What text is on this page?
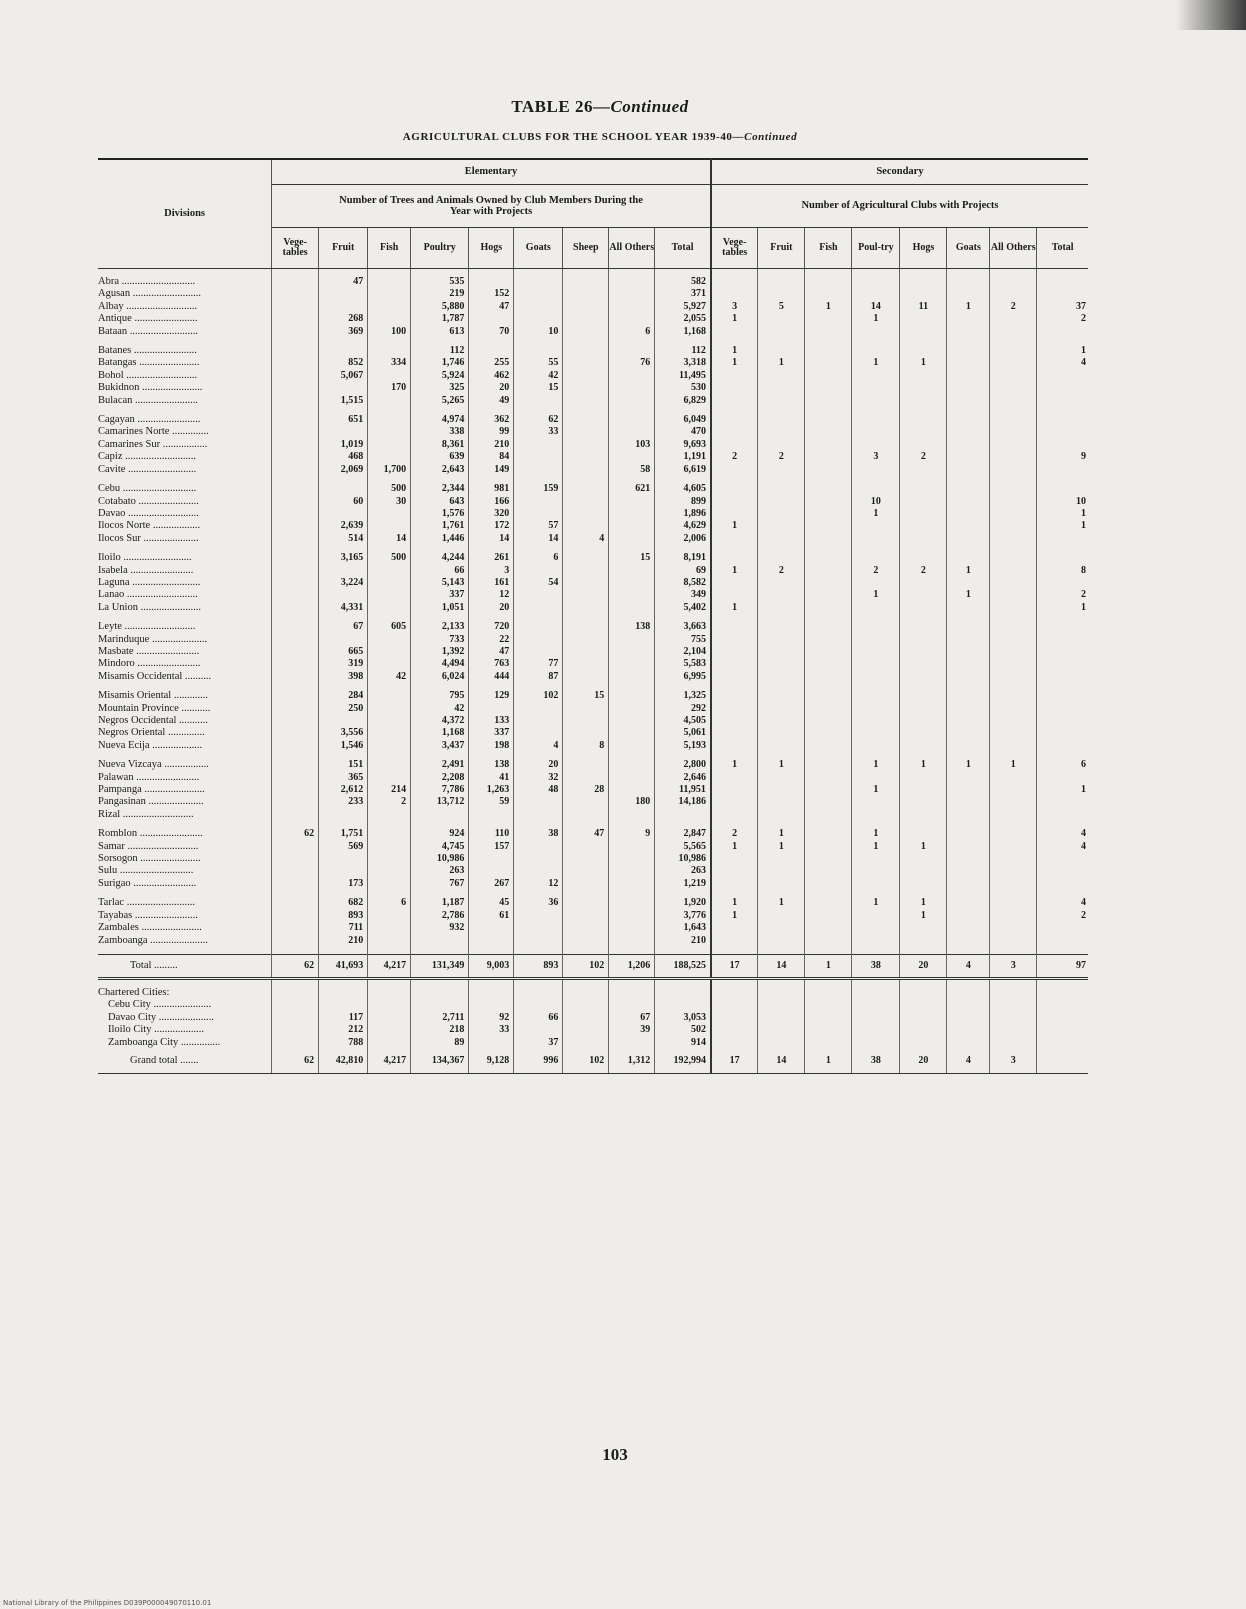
TABLE 26—Continued
AGRICULTURAL CLUBS FOR THE SCHOOL YEAR 1939-40—Continued
Divisions	Elementary									Secondary							
	Number of Trees and Animals Owned by Club Members During the Year with Projects									Number of Agricultural Clubs with Projects							
	Vege-tables	Fruit	Fish	Poultry	Hogs	Goats	Sheep	All Others	Total	Vege-tables	Fruit	Fish	Poul-try	Hogs	Goats	All Others	Total

Abra ............................		47		535					582								
Agusan ..........................				219	152				371								
Albay ...........................				5,880	47				5,927	3	5	1	14	11	1	2	37
Antique ........................		268		1,787					2,055	1			1				2
Bataan ..........................		369	100	613	70	10		6	1,168								

Batanes ........................				112					112	1							1
Batangas .......................		852	334	1,746	255	55		76	3,318	1	1		1	1			4
Bohol ...........................		5,067		5,924	462	42			11,495								
Bukidnon .......................			170	325	20	15			530								
Bulacan ........................		1,515		5,265	49				6,829								

Cagayan ........................		651		4,974	362	62			6,049								
Camarines Norte ..............				338	99	33			470								
Camarines Sur .................		1,019		8,361	210			103	9,693								
Capiz ...........................		468		639	84				1,191	2	2		3	2			9
Cavite ..........................		2,069	1,700	2,643	149			58	6,619								

Cebu ............................			500	2,344	981	159		621	4,605								
Cotabato .......................		60	30	643	166				899				10				10
Davao ...........................				1,576	320				1,896				1				1
Ilocos Norte ..................		2,639		1,761	172	57			4,629	1							1
Ilocos Sur .....................		514	14	1,446	14	14	4		2,006								

Iloilo ..........................		3,165	500	4,244	261	6		15	8,191								
Isabela ........................				66	3				69	1	2		2	2	1		8
Laguna ..........................		3,224		5,143	161	54			8,582								
Lanao ...........................				337	12				349				1		1		2
La Union .......................		4,331		1,051	20				5,402	1							1

Leyte ...........................		67	605	2,133	720			138	3,663								
Marinduque .....................				733	22				755								
Masbate ........................		665		1,392	47				2,104								
Mindoro ........................		319		4,494	763	77			5,583								
Misamis Occidental ..........		398	42	6,024	444	87			6,995								

Misamis Oriental .............		284		795	129	102	15		1,325								
Mountain Province ...........		250		42					292								
Negros Occidental ...........				4,372	133				4,505								
Negros Oriental ..............		3,556		1,168	337				5,061								
Nueva Ecija ...................		1,546		3,437	198	4	8		5,193								

Nueva Vizcaya .................		151		2,491	138	20			2,800	1	1		1	1	1	1	6
Palawan ........................		365		2,208	41	32			2,646								
Pampanga .......................		2,612	214	7,786	1,263	48	28		11,951				1				1
Pangasinan .....................		233	2	13,712	59			180	14,186								
Rizal ...........................																	

Romblon ........................	62	1,751		924	110	38	47	9	2,847	2	1		1				4
Samar ...........................		569		4,745	157				5,565	1	1		1	1			4
Sorsogon .......................				10,986					10,986								
Sulu ............................				263					263								
Surigao ........................		173		767	267	12			1,219								

Tarlac ..........................		682	6	1,187	45	36			1,920	1	1		1	1			4
Tayabas ........................		893		2,786	61				3,776	1				1			2
Zambales .......................		711		932					1,643								
Zamboanga ......................		210							210								

Total .........	62	41,693	4,217	131,349	9,003	893	102	1,206	188,525	17	14	1	38	20	4	3	97

Chartered Cities:																	
Cebu City ......................																	
Davao City .....................		117		2,711	92	66		67	3,053								
Iloilo City ...................		212		218	33			39	502								
Zamboanga City ...............		788		89		37			914								
Grand total .......	62	42,810	4,217	134,367	9,128	996	102	1,312	192,994	17	14	1	38	20	4	3	
103
National Library of the Philippines D039P000049070110.01
